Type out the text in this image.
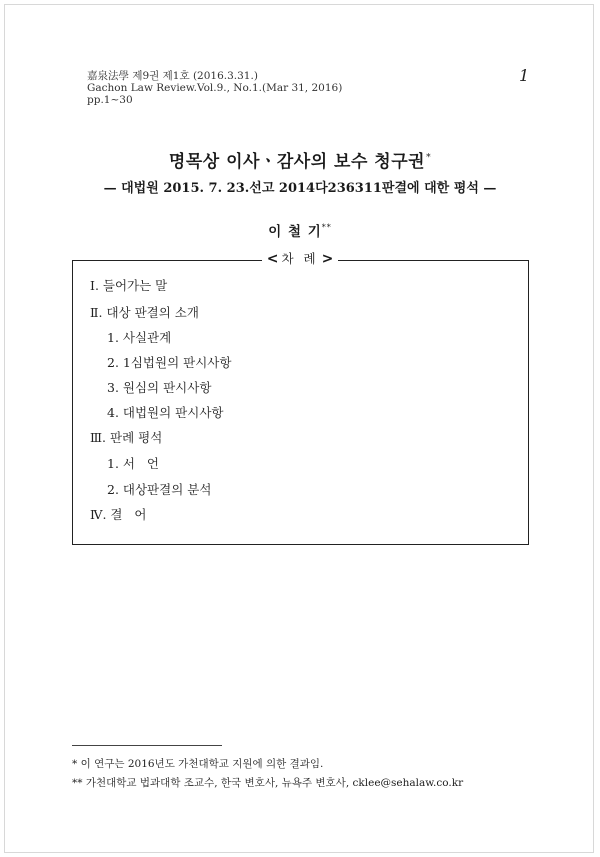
嘉泉法學 제9권 제1호 (2016.3.31.)
Gachon Law Review.Vol.9., No.1.(Mar 31, 2016)
pp.1~30
1
명목상 이사ㆍ감사의 보수 청구권*
— 대법원 2015. 7. 23.선고 2014다236311판결에 대한 평석 —
이 철 기**
< 차 례 >
Ⅰ. 들어가는 말
Ⅱ. 대상 판결의 소개
1. 사실관계
2. 1심법원의 판시사항
3. 원심의 판시사항
4. 대법원의 판시사항
Ⅲ. 판례 평석
1. 서   언
2. 대상판결의 분석
Ⅳ. 결   어
* 이 연구는 2016년도 가천대학교 지원에 의한 결과임.
** 가천대학교 법과대학 조교수, 한국 변호사, 뉴욕주 변호사, cklee@sehalaw.co.kr
